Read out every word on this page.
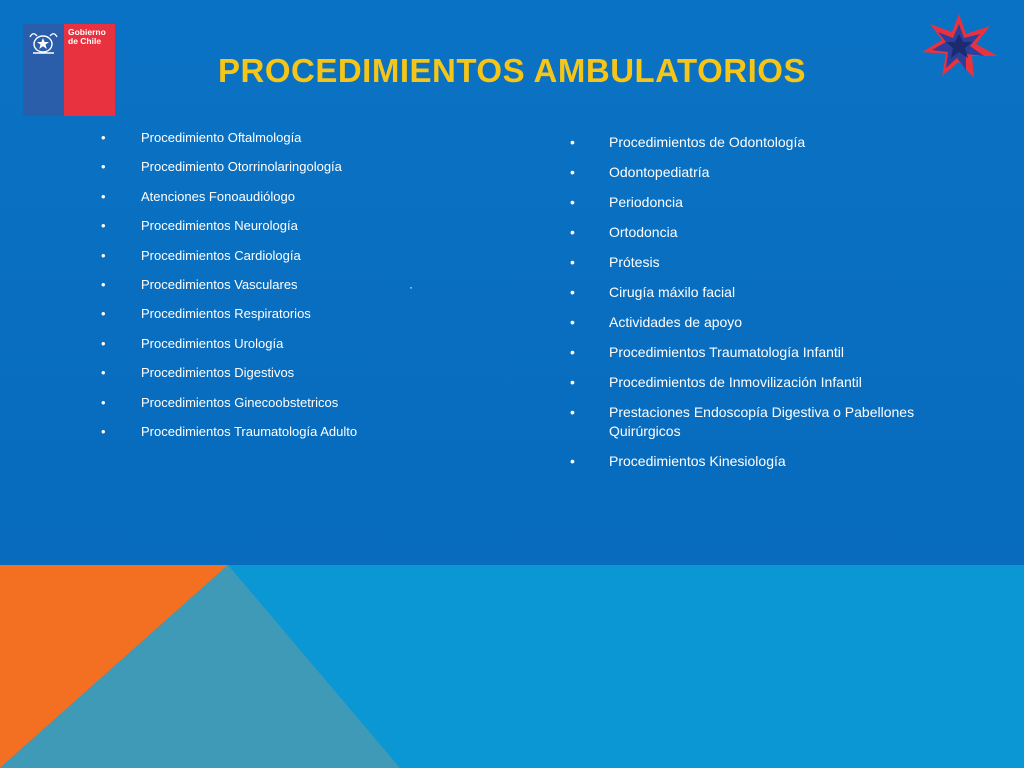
Gobierno
de Chile
PROCEDIMIENTOS AMBULATORIOS
•	Procedimiento Oftalmología
•	Procedimiento Otorrinolaringología
•	Atenciones Fonoaudiólogo
•	Procedimientos Neurología
•	Procedimientos Cardiología
•	Procedimientos Vasculares
•	Procedimientos Respiratorios
•	Procedimientos Urología
•	Procedimientos Digestivos
•	Procedimientos Ginecoobstetricos
•	Procedimientos Traumatología Adulto
• Procedimientos de Odontología
• Odontopediatría
• Periodoncia
• Ortodoncia
• Prótesis
• Cirugía máxilo facial
• Actividades de apoyo
• Procedimientos Traumatología Infantil
• Procedimientos de Inmovilización Infantil
• Prestaciones Endoscopía Digestiva o Pabellones Quirúrgicos
• Procedimientos Kinesiología
·
